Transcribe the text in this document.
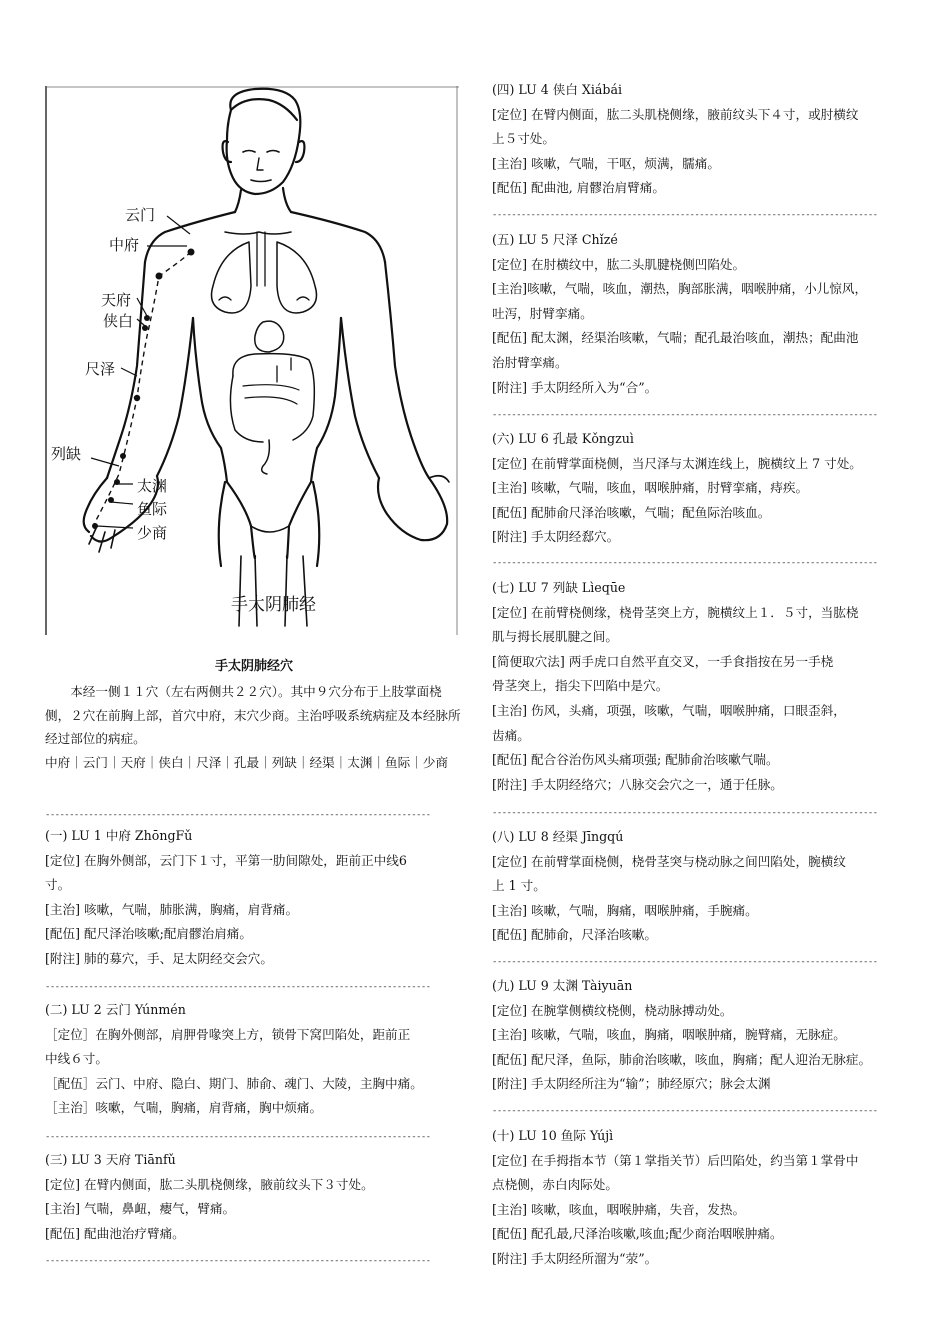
云门
中府
天府
侠白
尺泽
列缺
太渊
鱼际
少商
手太阴肺经
手太阴肺经穴

本经一侧１１穴（左右两侧共２２穴）。其中９穴分布于上肢掌面桡侧，２穴在前胸上部，首穴中府，末穴少商。主治呼吸系统病症及本经脉所经过部位的病症。

中府｜云门｜天府｜侠白｜尺泽｜孔最｜列缺｜经渠｜太渊｜鱼际｜少商

--------------------------------------------------------------------------------
(一) LU 1 中府 ZhōngFǔ

[定位] 在胸外侧部，云门下１寸，平第一肋间隙处，距前正中线6

寸。

[主治] 咳嗽，气喘，肺胀满，胸痛，肩背痛。

[配伍] 配尺泽治咳嗽;配肩髎治肩痛。

[附注] 肺的募穴，手、足太阴经交会穴。

--------------------------------------------------------------------------------
(二) LU 2 云门 Yúnmén

［定位］在胸外侧部，肩胛骨喙突上方，锁骨下窝凹陷处，距前正

中线６寸。

［配伍］云门、中府、隐白、期门、肺俞、魂门、大陵，主胸中痛。

［主治］咳嗽，气喘，胸痛，肩背痛，胸中烦痛。

--------------------------------------------------------------------------------
(三) LU 3 天府 Tiānfǔ

[定位] 在臂内侧面，肱二头肌桡侧缘，腋前纹头下３寸处。

[主治] 气喘，鼻衄，瘿气，臂痛。

[配伍] 配曲池治疗臂痛。

--------------------------------------------------------------------------------
(四) LU 4 侠白 Xiábái

[定位] 在臂内侧面，肱二头肌桡侧缘，腋前纹头下４寸，或肘横纹

上５寸处。

[主治] 咳嗽，气喘，干呕，烦满，臑痛。

[配伍] 配曲池, 肩髎治肩臂痛。

--------------------------------------------------------------------------------
(五) LU 5 尺泽 Chǐzé

[定位] 在肘横纹中，肱二头肌腱桡侧凹陷处。

[主治]咳嗽，气喘，咳血，潮热，胸部胀满，咽喉肿痛，小儿惊风，

吐泻，肘臂挛痛。

[配伍] 配太渊，经渠治咳嗽，气喘；配孔最治咳血，潮热；配曲池

治肘臂挛痛。

[附注] 手太阴经所入为“合”。

--------------------------------------------------------------------------------
(六) LU 6 孔最 Kǒngzuì

[定位] 在前臂掌面桡侧，当尺泽与太渊连线上，腕横纹上 7 寸处。

[主治] 咳嗽，气喘，咳血，咽喉肿痛，肘臂挛痛，痔疾。

[配伍] 配肺俞尺泽治咳嗽，气喘；配鱼际治咳血。

[附注] 手太阴经郄穴。

--------------------------------------------------------------------------------
(七) LU 7 列缺 Lìeqūe

[定位] 在前臂桡侧缘，桡骨茎突上方，腕横纹上１．５寸，当肱桡

肌与拇长展肌腱之间。

[简便取穴法] 两手虎口自然平直交叉，一手食指按在另一手桡

骨茎突上，指尖下凹陷中是穴。

[主治] 伤风，头痛，项强，咳嗽，气喘，咽喉肿痛，口眼歪斜，

齿痛。

[配伍] 配合谷治伤风头痛项强; 配肺俞治咳嗽气喘。

[附注] 手太阴经络穴；八脉交会穴之一，通于任脉。

--------------------------------------------------------------------------------
(八) LU 8 经渠 Jīngqú

[定位] 在前臂掌面桡侧，桡骨茎突与桡动脉之间凹陷处，腕横纹

上 1 寸。

[主治] 咳嗽，气喘，胸痛，咽喉肿痛，手腕痛。

[配伍] 配肺俞，尺泽治咳嗽。

--------------------------------------------------------------------------------
(九) LU 9 太渊 Tàiyuān

[定位] 在腕掌侧横纹桡侧，桡动脉搏动处。

[主治] 咳嗽，气喘，咳血，胸痛，咽喉肿痛，腕臂痛，无脉症。

[配伍] 配尺泽，鱼际，肺俞治咳嗽，咳血，胸痛；配人迎治无脉症。

[附注] 手太阴经所注为“输”；肺经原穴；脉会太渊

--------------------------------------------------------------------------------
(十) LU 10 鱼际 Yújì

[定位] 在手拇指本节（第１掌指关节）后凹陷处，约当第１掌骨中

点桡侧，赤白肉际处。

[主治] 咳嗽，咳血，咽喉肿痛，失音，发热。

[配伍] 配孔最,尺泽治咳嗽,咳血;配少商治咽喉肿痛。

[附注] 手太阴经所溜为“荥”。
